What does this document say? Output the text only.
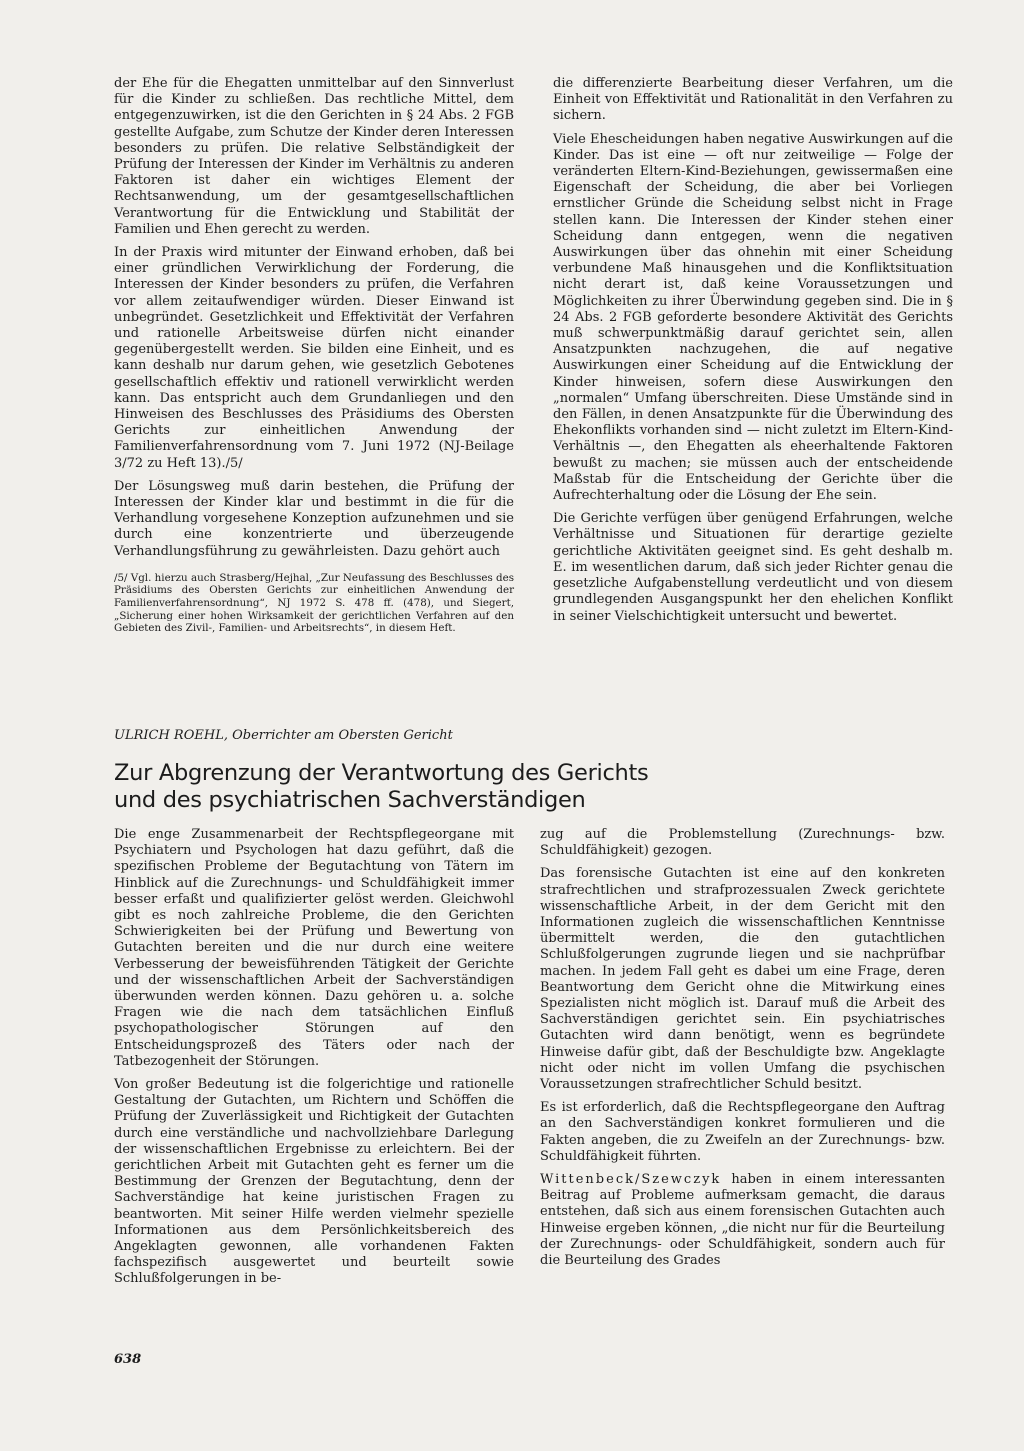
der Ehe für die Ehegatten unmittelbar auf den Sinnverlust für die Kinder zu schließen. Das rechtliche Mittel, dem entgegenzuwirken, ist die den Gerichten in § 24 Abs. 2 FGB gestellte Aufgabe, zum Schutze der Kinder deren Interessen besonders zu prüfen. Die relative Selbständigkeit der Prüfung der Interessen der Kinder im Verhältnis zu anderen Faktoren ist daher ein wichtiges Element der Rechtsanwendung, um der gesamtgesellschaftlichen Verantwortung für die Entwicklung und Stabilität der Familien und Ehen gerecht zu werden.

In der Praxis wird mitunter der Einwand erhoben, daß bei einer gründlichen Verwirklichung der Forderung, die Interessen der Kinder besonders zu prüfen, die Verfahren vor allem zeitaufwendiger würden. Dieser Einwand ist unbegründet. Gesetzlichkeit und Effektivität der Verfahren und rationelle Arbeitsweise dürfen nicht einander gegenübergestellt werden. Sie bilden eine Einheit, und es kann deshalb nur darum gehen, wie gesetzlich Gebotenes gesellschaftlich effektiv und rationell verwirklicht werden kann. Das entspricht auch dem Grundanliegen und den Hinweisen des Beschlusses des Präsidiums des Obersten Gerichts zur einheitlichen Anwendung der Familienverfahrensordnung vom 7. Juni 1972 (NJ-Beilage 3/72 zu Heft 13)./5/

Der Lösungsweg muß darin bestehen, die Prüfung der Interessen der Kinder klar und bestimmt in die für die Verhandlung vorgesehene Konzeption aufzunehmen und sie durch eine konzentrierte und überzeugende Verhandlungsführung zu gewährleisten. Dazu gehört auch

/5/ Vgl. hierzu auch Strasberg/Hejhal, „Zur Neufassung des Beschlusses des Präsidiums des Obersten Gerichts zur einheitlichen Anwendung der Familienverfahrensordnung“, NJ 1972 S. 478 ff. (478), und Siegert, „Sicherung einer hohen Wirksamkeit der gerichtlichen Verfahren auf den Gebieten des Zivil-, Familien- und Arbeitsrechts“, in diesem Heft.

die differenzierte Bearbeitung dieser Verfahren, um die Einheit von Effektivität und Rationalität in den Verfahren zu sichern.

Viele Ehescheidungen haben negative Auswirkungen auf die Kinder. Das ist eine — oft nur zeitweilige — Folge der veränderten Eltern-Kind-Beziehungen, gewissermaßen eine Eigenschaft der Scheidung, die aber bei Vorliegen ernstlicher Gründe die Scheidung selbst nicht in Frage stellen kann. Die Interessen der Kinder stehen einer Scheidung dann entgegen, wenn die negativen Auswirkungen über das ohnehin mit einer Scheidung verbundene Maß hinausgehen und die Konfliktsituation nicht derart ist, daß keine Voraussetzungen und Möglichkeiten zu ihrer Überwindung gegeben sind. Die in § 24 Abs. 2 FGB geforderte besondere Aktivität des Gerichts muß schwerpunktmäßig darauf gerichtet sein, allen Ansatzpunkten nachzugehen, die auf negative Auswirkungen einer Scheidung auf die Entwicklung der Kinder hinweisen, sofern diese Auswirkungen den „normalen“ Umfang überschreiten. Diese Umstände sind in den Fällen, in denen Ansatzpunkte für die Überwindung des Ehekonflikts vorhanden sind — nicht zuletzt im Eltern-Kind-Verhältnis —, den Ehegatten als eheerhaltende Faktoren bewußt zu machen; sie müssen auch der entscheidende Maßstab für die Entscheidung der Gerichte über die Aufrechterhaltung oder die Lösung der Ehe sein.

Die Gerichte verfügen über genügend Erfahrungen, welche Verhältnisse und Situationen für derartige gezielte gerichtliche Aktivitäten geeignet sind. Es geht deshalb m. E. im wesentlichen darum, daß sich jeder Richter genau die gesetzliche Aufgabenstellung verdeutlicht und von diesem grundlegenden Ausgangspunkt her den ehelichen Konflikt in seiner Vielschichtigkeit untersucht und bewertet.

ULRICH ROEHL, Oberrichter am Obersten Gericht

Zur Abgrenzung der Verantwortung des Gerichts
und des psychiatrischen Sachverständigen

Die enge Zusammenarbeit der Rechtspflegeorgane mit Psychiatern und Psychologen hat dazu geführt, daß die spezifischen Probleme der Begutachtung von Tätern im Hinblick auf die Zurechnungs- und Schuldfähigkeit immer besser erfaßt und qualifizierter gelöst werden. Gleichwohl gibt es noch zahlreiche Probleme, die den Gerichten Schwierigkeiten bei der Prüfung und Bewertung von Gutachten bereiten und die nur durch eine weitere Verbesserung der beweisführenden Tätigkeit der Gerichte und der wissenschaftlichen Arbeit der Sachverständigen überwunden werden können. Dazu gehören u. a. solche Fragen wie die nach dem tatsächlichen Einfluß psychopathologischer Störungen auf den Entscheidungsprozeß des Täters oder nach der Tatbezogenheit der Störungen.

Von großer Bedeutung ist die folgerichtige und rationelle Gestaltung der Gutachten, um Richtern und Schöffen die Prüfung der Zuverlässigkeit und Richtigkeit der Gutachten durch eine verständliche und nachvollziehbare Darlegung der wissenschaftlichen Ergebnisse zu erleichtern. Bei der gerichtlichen Arbeit mit Gutachten geht es ferner um die Bestimmung der Grenzen der Begutachtung, denn der Sachverständige hat keine juristischen Fragen zu beantworten. Mit seiner Hilfe werden vielmehr spezielle Informationen aus dem Persönlichkeitsbereich des Angeklagten gewonnen, alle vorhandenen Fakten fachspezifisch ausgewertet und beurteilt sowie Schlußfolgerungen in be-

zug auf die Problemstellung (Zurechnungs- bzw. Schuldfähigkeit) gezogen.

Das forensische Gutachten ist eine auf den konkreten strafrechtlichen und strafprozessualen Zweck gerichtete wissenschaftliche Arbeit, in der dem Gericht mit den Informationen zugleich die wissenschaftlichen Kenntnisse übermittelt werden, die den gutachtlichen Schlußfolgerungen zugrunde liegen und sie nachprüfbar machen. In jedem Fall geht es dabei um eine Frage, deren Beantwortung dem Gericht ohne die Mitwirkung eines Spezialisten nicht möglich ist. Darauf muß die Arbeit des Sachverständigen gerichtet sein. Ein psychiatrisches Gutachten wird dann benötigt, wenn es begründete Hinweise dafür gibt, daß der Beschuldigte bzw. Angeklagte nicht oder nicht im vollen Umfang die psychischen Voraussetzungen strafrechtlicher Schuld besitzt.

Es ist erforderlich, daß die Rechtspflegeorgane den Auftrag an den Sachverständigen konkret formulieren und die Fakten angeben, die zu Zweifeln an der Zurechnungs- bzw. Schuldfähigkeit führten.

Wittenbeck/Szewczyk haben in einem interessanten Beitrag auf Probleme aufmerksam gemacht, die daraus entstehen, daß sich aus einem forensischen Gutachten auch Hinweise ergeben können, „die nicht nur für die Beurteilung der Zurechnungs- oder Schuldfähigkeit, sondern auch für die Beurteilung des Grades

638
